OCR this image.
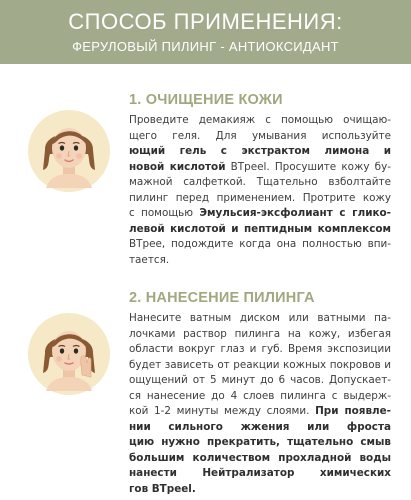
СПОСОБ ПРИМЕНЕНИЯ:
ФЕРУЛОВЫЙ ПИЛИНГ - АНТИОКСИДАНТ
1. ОЧИЩЕНИЕ КОЖИ
Проведите демакияж с помощью очищаю-
щего геля. Для умывания используйте
ющий гель с экстрактом лимона и
новой кислотой ВТрееl. Просушите кожу бу-
мажной салфеткой. Тщательно взболтайте
пилинг перед применением. Протрите кожу
с помощью Эмульсия-эксфолиант с глико-
левой кислотой и пептидным комплексом
ВТрее, подождите когда она полностью впи-
тается.
2. НАНЕСЕНИЕ ПИЛИНГА
Нанесите ватным диском или ватными па-
лочками раствор пилинга на кожу, избегая
области вокруг глаз и губ. Время экспозиции
будет зависеть от реакции кожных покровов и
ощущений от 5 минут до 6 часов. Допускает-
ся нанесение до 4 слоев пилинга с выдерж-
кой 1-2 минуты между слоями. При появле-
нии сильного жжения или фроста
цию нужно прекратить, тщательно смыв
большим количеством прохладной воды
нанести Нейтрализатор химических
гов ВТрееl.
